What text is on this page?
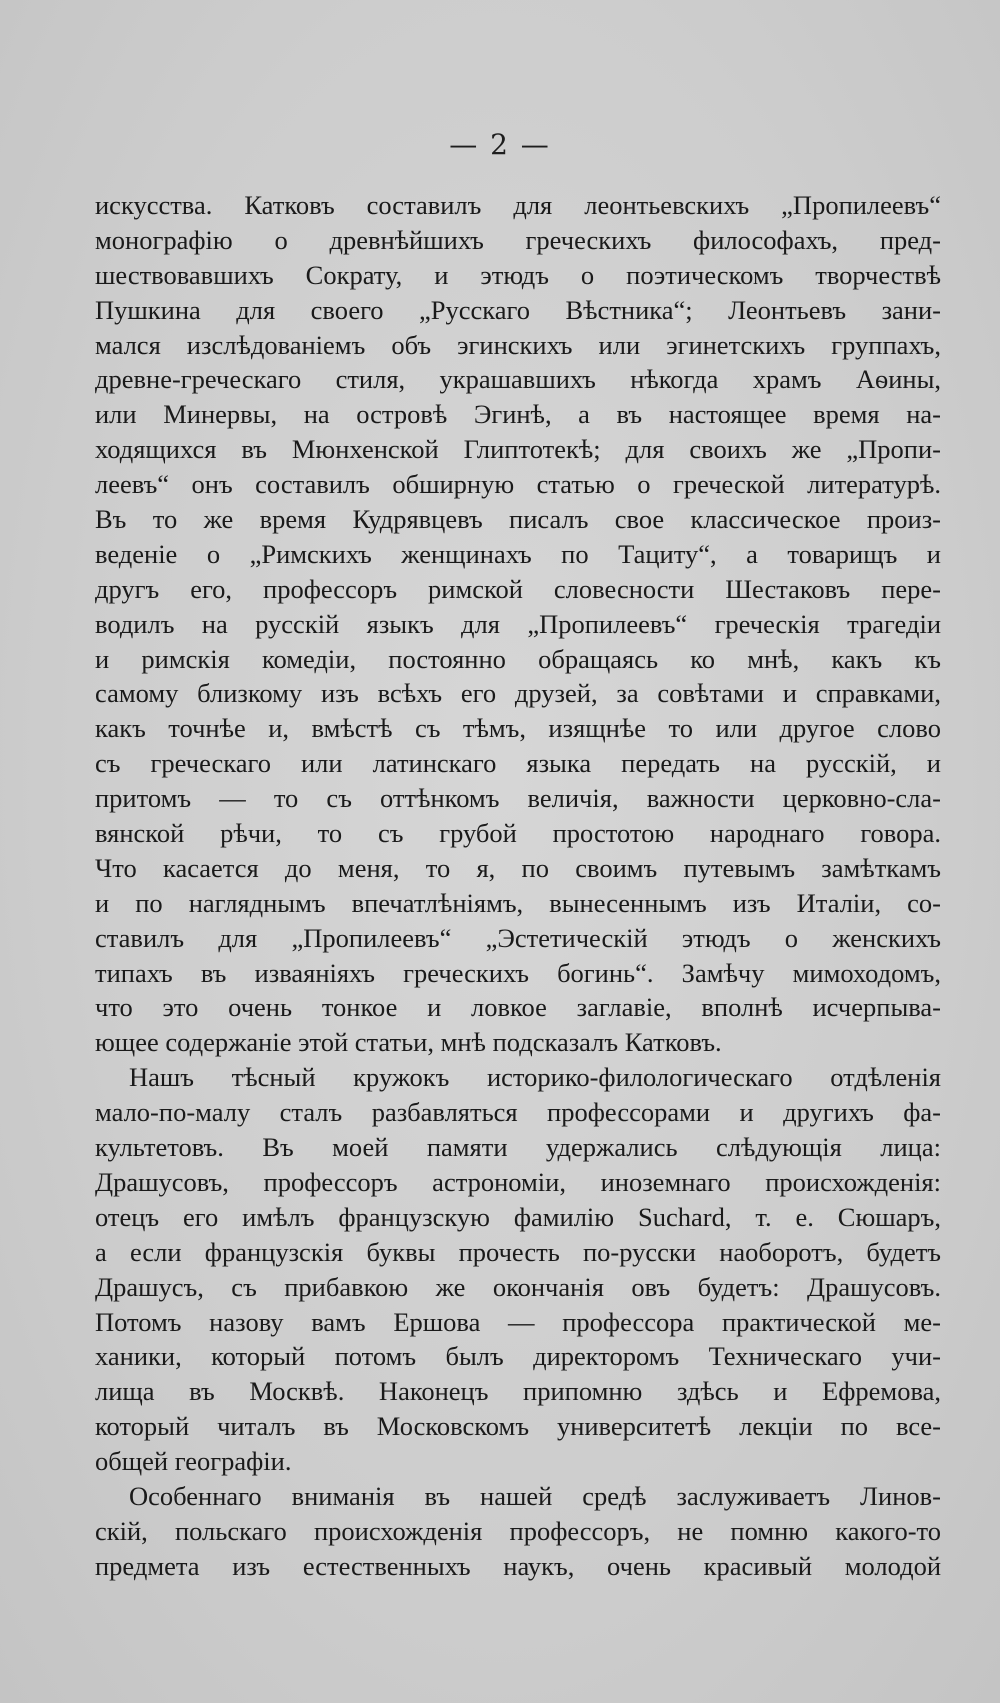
— 2 —
искусства. Катковъ составилъ для леонтьевскихъ „Пропилеевъ“
монографію о древнѣйшихъ греческихъ философахъ, пред-
шествовавшихъ Сократу, и этюдъ о поэтическомъ творчествѣ
Пушкина для своего „Русскаго Вѣстника“; Леонтьевъ зани-
мался изслѣдованіемъ объ эгинскихъ или эгинетскихъ группахъ,
древне-греческаго стиля, украшавшихъ нѣкогда храмъ Аѳины,
или Минервы, на островѣ Эгинѣ, а въ настоящее время на-
ходящихся въ Мюнхенской Глиптотекѣ; для своихъ же „Пропи-
леевъ“ онъ составилъ обширную статью о греческой литературѣ.
Въ то же время Кудрявцевъ писалъ свое классическое произ-
веденіе о „Римскихъ женщинахъ по Тациту“, а товарищъ и
другъ его, профессоръ римской словесности Шестаковъ пере-
водилъ на русскій языкъ для „Пропилеевъ“ греческія трагедіи
и римскія комедіи, постоянно обращаясь ко мнѣ, какъ къ
самому близкому изъ всѣхъ его друзей, за совѣтами и справками,
какъ точнѣе и, вмѣстѣ съ тѣмъ, изящнѣе то или другое слово
съ греческаго или латинскаго языка передать на русскій, и
притомъ — то съ оттѣнкомъ величія, важности церковно-сла-
вянской рѣчи, то съ грубой простотою народнаго говора.
Что касается до меня, то я, по своимъ путевымъ замѣткамъ
и по нагляднымъ впечатлѣніямъ, вынесеннымъ изъ Италіи, со-
ставилъ для „Пропилеевъ“ „Эстетическій этюдъ о женскихъ
типахъ въ изваяніяхъ греческихъ богинь“. Замѣчу мимоходомъ,
что это очень тонкое и ловкое заглавіе, вполнѣ исчерпыва-
ющее содержаніе этой статьи, мнѣ подсказалъ Катковъ.
Нашъ тѣсный кружокъ историко-филологическаго отдѣленія
мало-по-малу сталъ разбавляться профессорами и другихъ фа-
культетовъ. Въ моей памяти удержались слѣдующія лица:
Драшусовъ, профессоръ астрономіи, иноземнаго происхожденія:
отецъ его имѣлъ французскую фамилію Suchard, т. е. Сюшаръ,
а если французскія буквы прочесть по-русски наоборотъ, будетъ
Драшусъ, съ прибавкою же окончанія овъ будетъ: Драшусовъ.
Потомъ назову вамъ Ершова — профессора практической ме-
ханики, который потомъ былъ директоромъ Техническаго учи-
лища въ Москвѣ. Наконецъ припомню здѣсь и Ефремова,
который читалъ въ Московскомъ университетѣ лекціи по все-
общей географіи.
Особеннаго вниманія въ нашей средѣ заслуживаетъ Линов-
скій, польскаго происхожденія профессоръ, не помню какого-то
предмета изъ естественныхъ наукъ, очень красивый молодой
